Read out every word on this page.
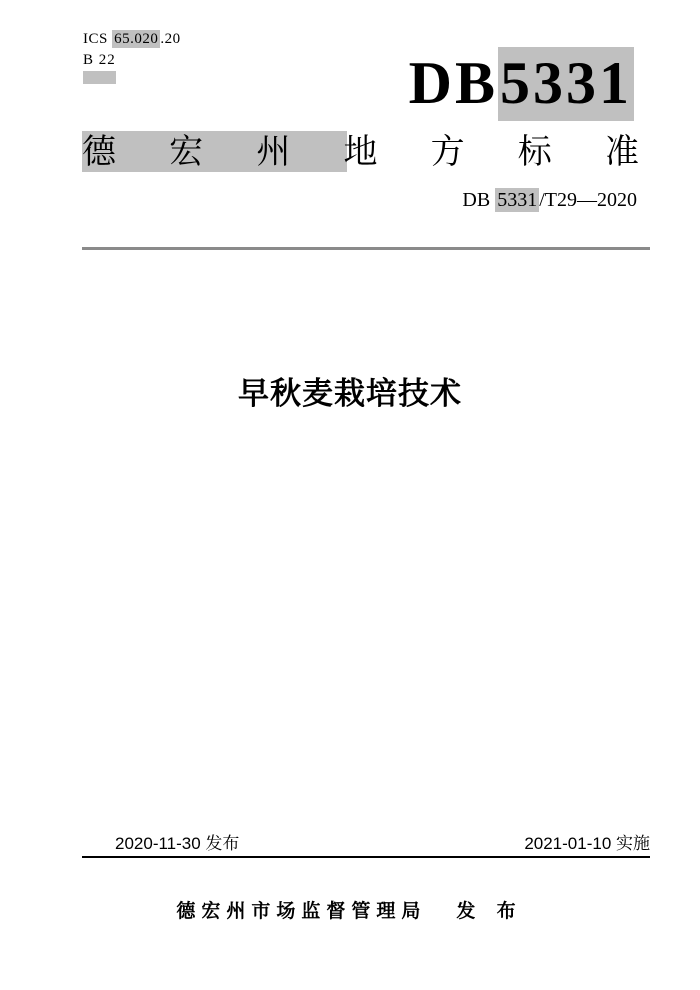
ICS 65.020 .20
B 22	DB5331
德 宏 州 地 方 标 准
DB 5331 /T29—2020
早秋麦栽培技术
2020-11-30 发布	2021-01-10 实施
德宏州市场监督管理局 发 布
